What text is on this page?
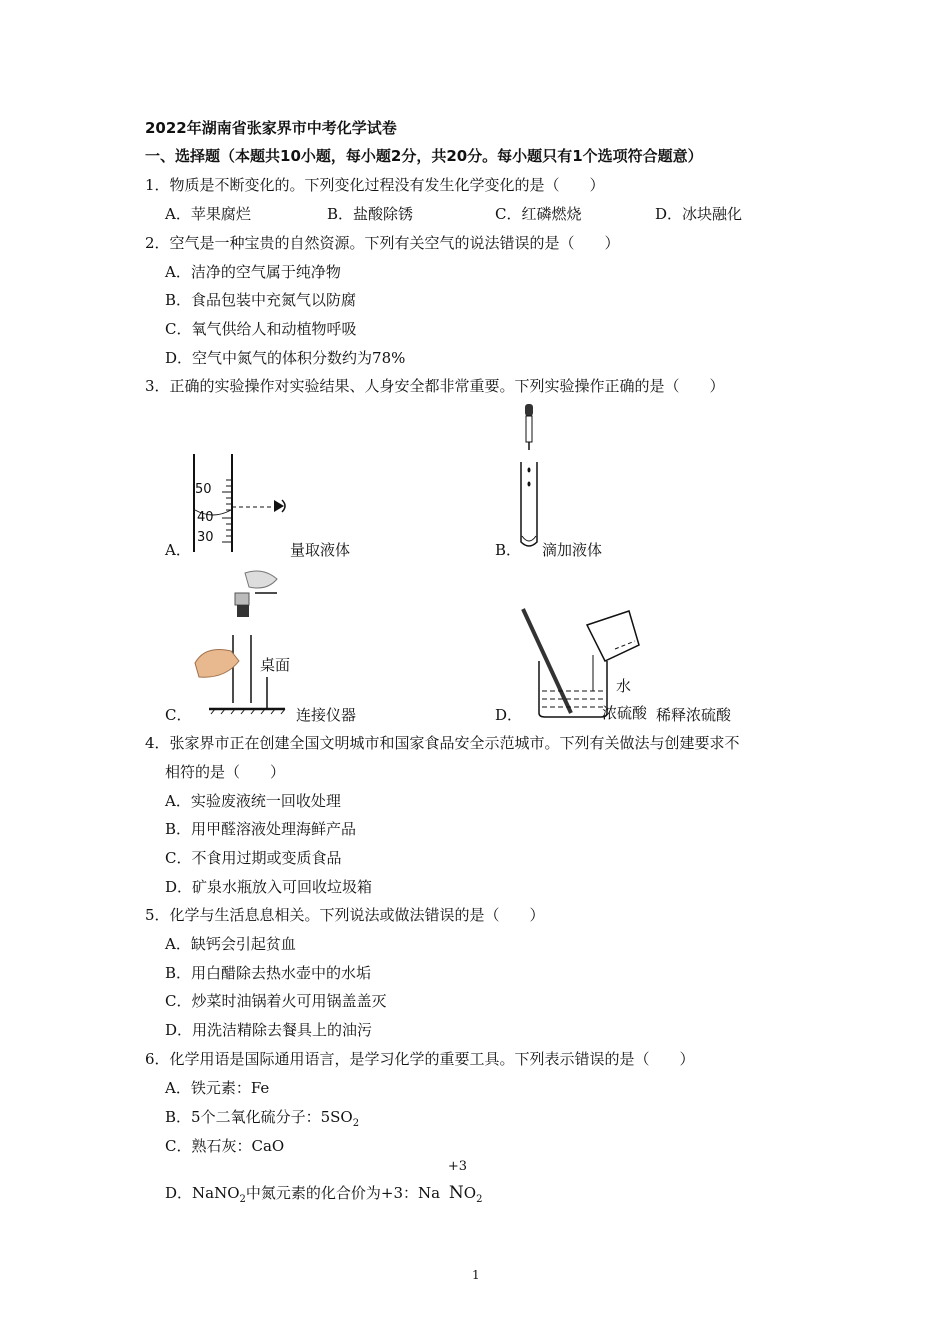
2022年湖南省张家界市中考化学试卷
一、选择题（本题共10小题，每小题2分，共20分。每小题只有1个选项符合题意）
1．物质是不断变化的。下列变化过程没有发生化学变化的是（　　）
A．苹果腐烂	B．盐酸除锈	C．红磷燃烧	D．冰块融化
2．空气是一种宝贵的自然资源。下列有关空气的说法错误的是（　　）
A．洁净的空气属于纯净物
B．食品包装中充氮气以防腐
C．氧气供给人和动植物呼吸
D．空气中氮气的体积分数约为78%
3．正确的实验操作对实验结果、人身安全都非常重要。下列实验操作正确的是（　　）
A．
50
40
30
量取液体	B． 滴加液体
C．
桌面
连接仪器	D．
水
浓硫酸 稀释浓硫酸
4．张家界市正在创建全国文明城市和国家食品安全示范城市。下列有关做法与创建要求不
相符的是（　　）
A．实验废液统一回收处理
B．用甲醛溶液处理海鲜产品
C．不食用过期或变质食品
D．矿泉水瓶放入可回收垃圾箱
5．化学与生活息息相关。下列说法或做法错误的是（　　）
A．缺钙会引起贫血
B．用白醋除去热水壶中的水垢
C．炒菜时油锅着火可用锅盖盖灭
D．用洗洁精除去餐具上的油污
6．化学用语是国际通用语言，是学习化学的重要工具。下列表示错误的是（　　）
A．铁元素：Fe
B．5个二氧化硫分子：$5SO_2$
C．熟石灰：CaO
D．NaNO$_2$中氮元素的化合价为+3：Na
+3
$NO_2$
1
